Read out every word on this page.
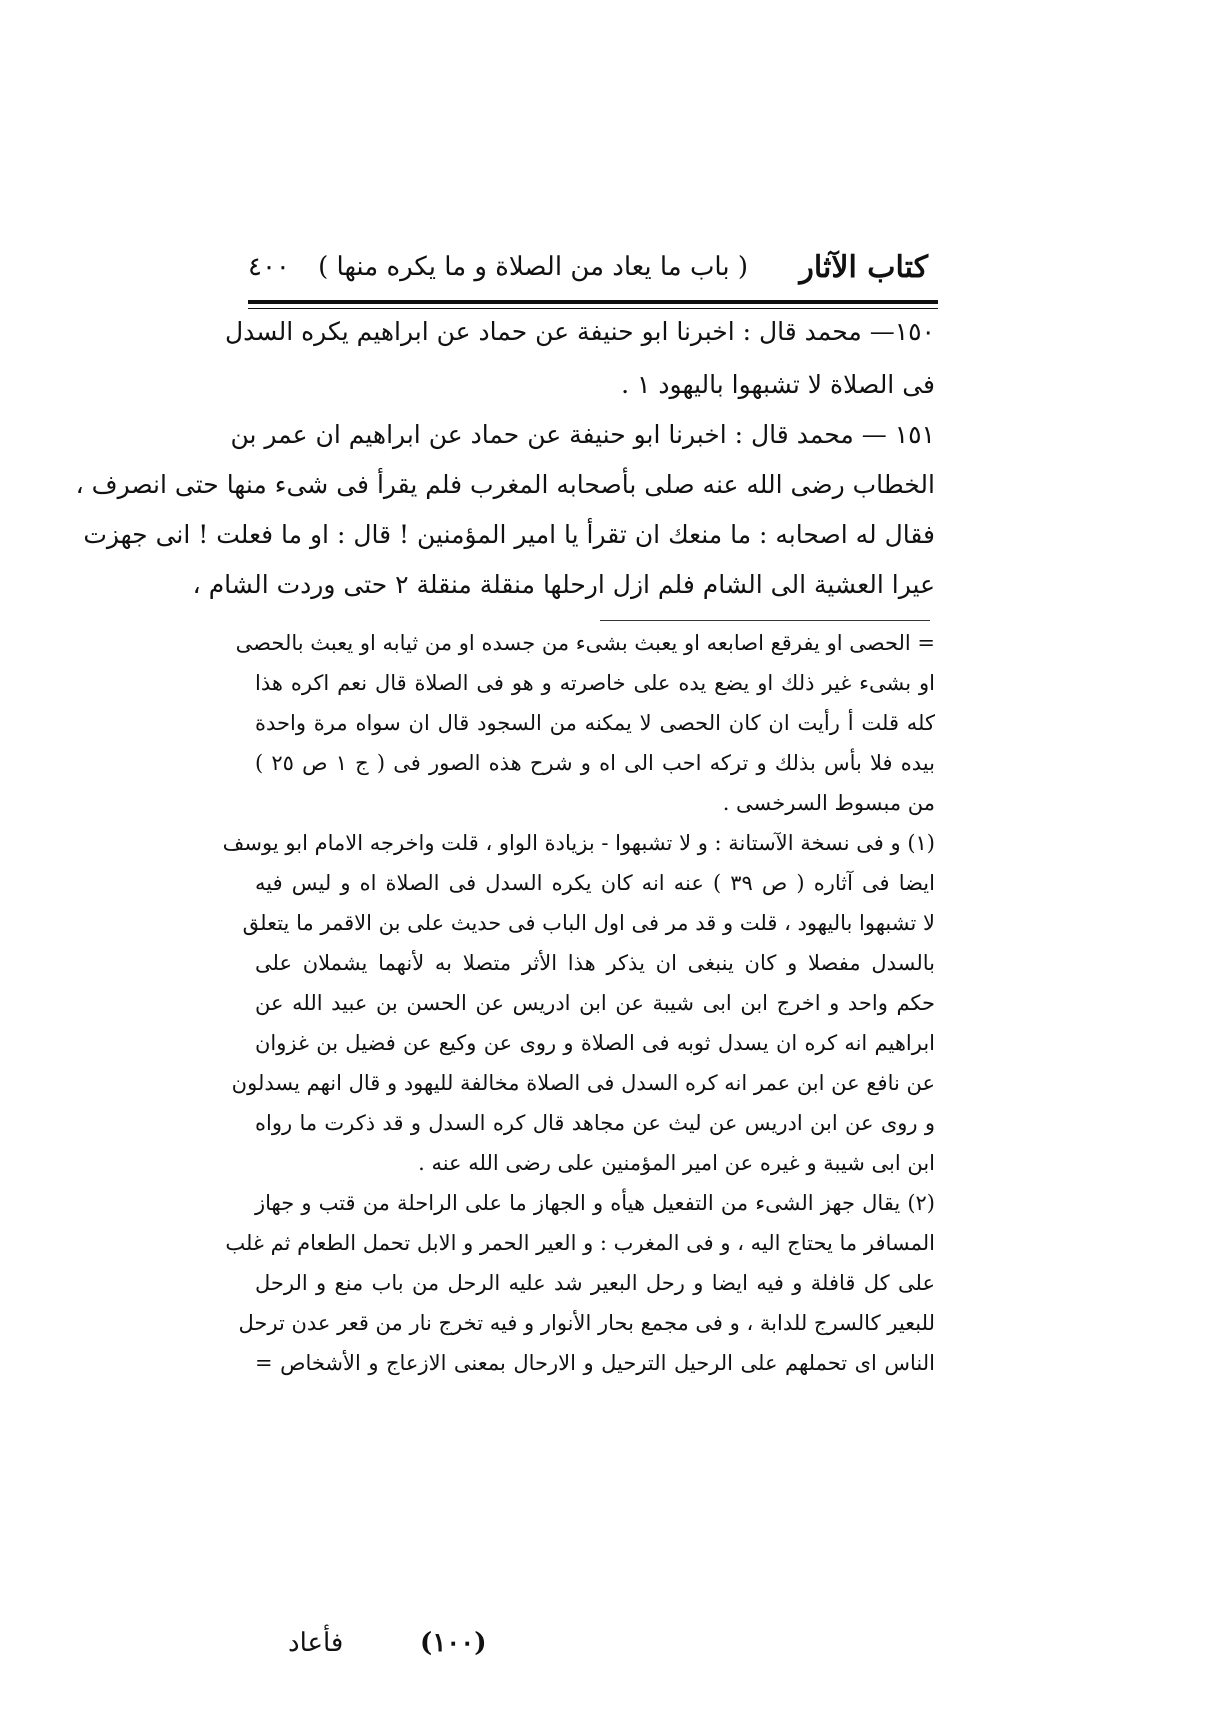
كتاب الآثار
( باب ما يعاد من الصلاة و ما يكره منها )
٤٠٠
١٥٠— محمد قال : اخبرنا ابو حنيفة عن حماد عن ابراهيم يكره السدل
فى الصلاة لا تشبهوا باليهود ١ .
١٥١ — محمد قال : اخبرنا ابو حنيفة عن حماد عن ابراهيم ان عمر بن
الخطاب رضى الله عنه صلى بأصحابه المغرب فلم يقرأ فى شىء منها حتى انصرف ،
فقال له اصحابه : ما منعك ان تقرأ يا امير المؤمنين ! قال : او ما فعلت ! انى جهزت
عيرا العشية الى الشام فلم ازل ارحلها منقلة منقلة ٢ حتى وردت الشام ،
= الحصى او يفرقع اصابعه او يعبث بشىء من جسده او من ثيابه او يعبث بالحصى
او بشىء غير ذلك او يضع يده على خاصرته و هو فى الصلاة قال نعم اكره هذا
كله قلت أ رأيت ان كان الحصى لا يمكنه من السجود قال ان سواه مرة واحدة
بيده فلا بأس بذلك و تركه احب الى اه و شرح هذه الصور فى ( ج ١ ص ٢٥ )
من مبسوط السرخسى .
(١) و فى نسخة الآستانة : و لا تشبهوا - بزيادة الواو ، قلت واخرجه الامام ابو يوسف
ايضا فى آثاره ( ص ٣٩ ) عنه انه كان يكره السدل فى الصلاة اه و ليس فيه
لا تشبهوا باليهود ، قلت و قد مر فى اول الباب فى حديث على بن الاقمر ما يتعلق
بالسدل مفصلا و كان ينبغى ان يذكر هذا الأثر متصلا به لأنهما يشملان على
حكم واحد و اخرج ابن ابى شيبة عن ابن ادريس عن الحسن بن عبيد الله عن
ابراهيم انه كره ان يسدل ثوبه فى الصلاة و روى عن وكيع عن فضيل بن غزوان
عن نافع عن ابن عمر انه كره السدل فى الصلاة مخالفة لليهود و قال انهم يسدلون
و روى عن ابن ادريس عن ليث عن مجاهد قال كره السدل و قد ذكرت ما رواه
ابن ابى شيبة و غيره عن امير المؤمنين على رضى الله عنه .
(٢) يقال جهز الشىء من التفعيل هيأه و الجهاز ما على الراحلة من قتب و جهاز
المسافر ما يحتاج اليه ، و فى المغرب : و العير الحمر و الابل تحمل الطعام ثم غلب
على كل قافلة و فيه ايضا و رحل البعير شد عليه الرحل من باب منع و الرحل
للبعير كالسرج للدابة ، و فى مجمع بحار الأنوار و فيه تخرج نار من قعر عدن ترحل
الناس اى تحملهم على الرحيل الترحيل و الارحال بمعنى الازعاج و الأشخاص =
(١٠٠)
فأعاد
